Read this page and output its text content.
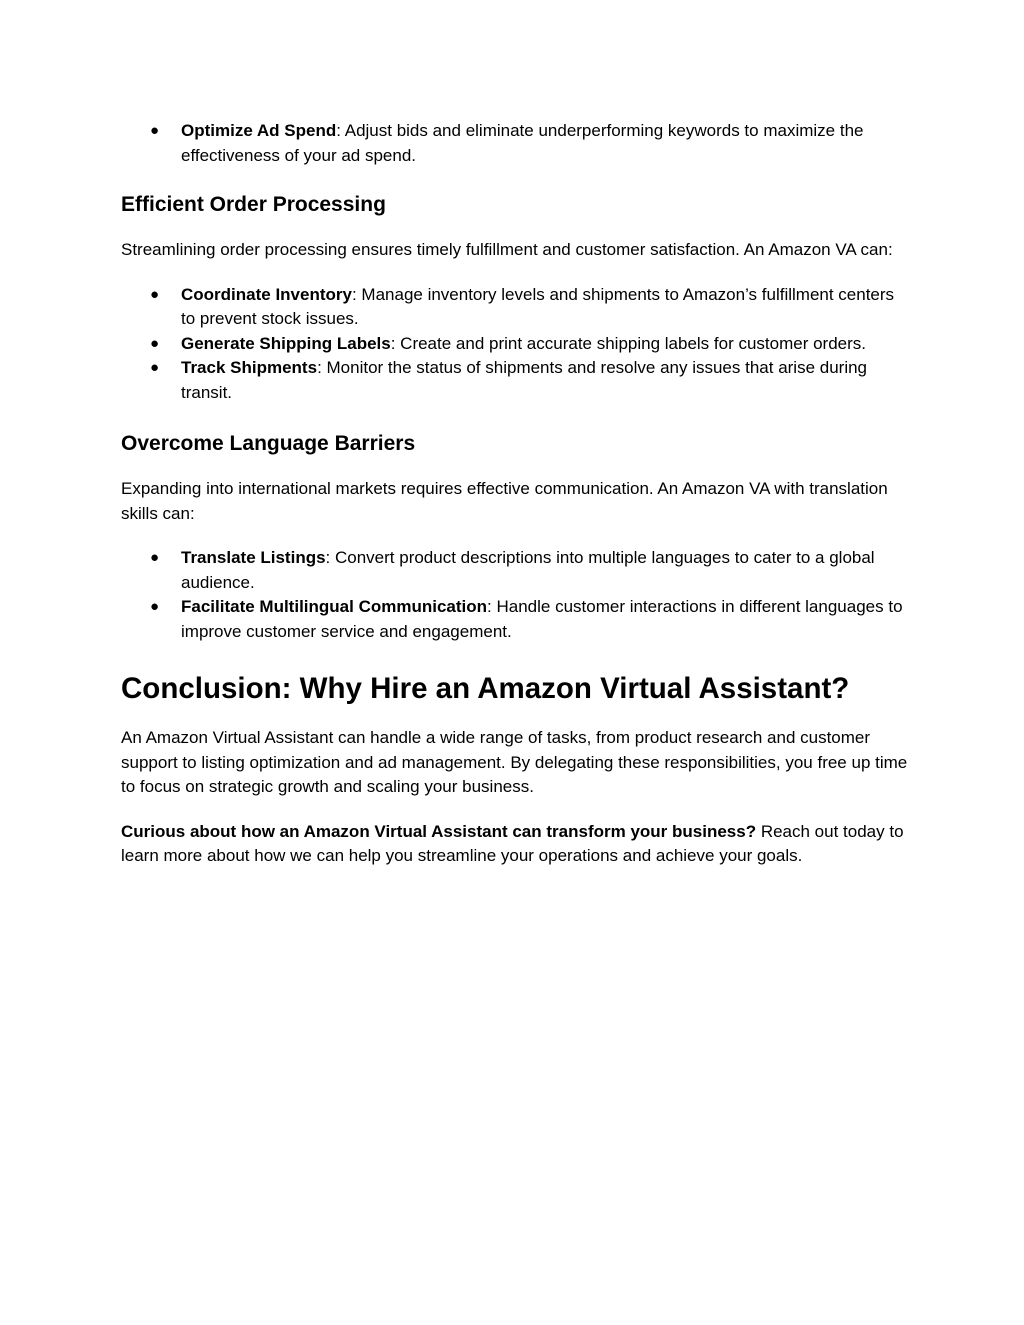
● Optimize Ad Spend: Adjust bids and eliminate underperforming keywords to maximize the effectiveness of your ad spend.
Efficient Order Processing

Streamlining order processing ensures timely fulfillment and customer satisfaction. An Amazon VA can:

● Coordinate Inventory: Manage inventory levels and shipments to Amazon’s fulfillment centers to prevent stock issues.
● Generate Shipping Labels: Create and print accurate shipping labels for customer orders.
● Track Shipments: Monitor the status of shipments and resolve any issues that arise during transit.
Overcome Language Barriers

Expanding into international markets requires effective communication. An Amazon VA with translation skills can:

● Translate Listings: Convert product descriptions into multiple languages to cater to a global audience.
● Facilitate Multilingual Communication: Handle customer interactions in different languages to improve customer service and engagement.
Conclusion: Why Hire an Amazon Virtual Assistant?

An Amazon Virtual Assistant can handle a wide range of tasks, from product research and customer support to listing optimization and ad management. By delegating these responsibilities, you free up time to focus on strategic growth and scaling your business.

Curious about how an Amazon Virtual Assistant can transform your business? Reach out today to learn more about how we can help you streamline your operations and achieve your goals.
